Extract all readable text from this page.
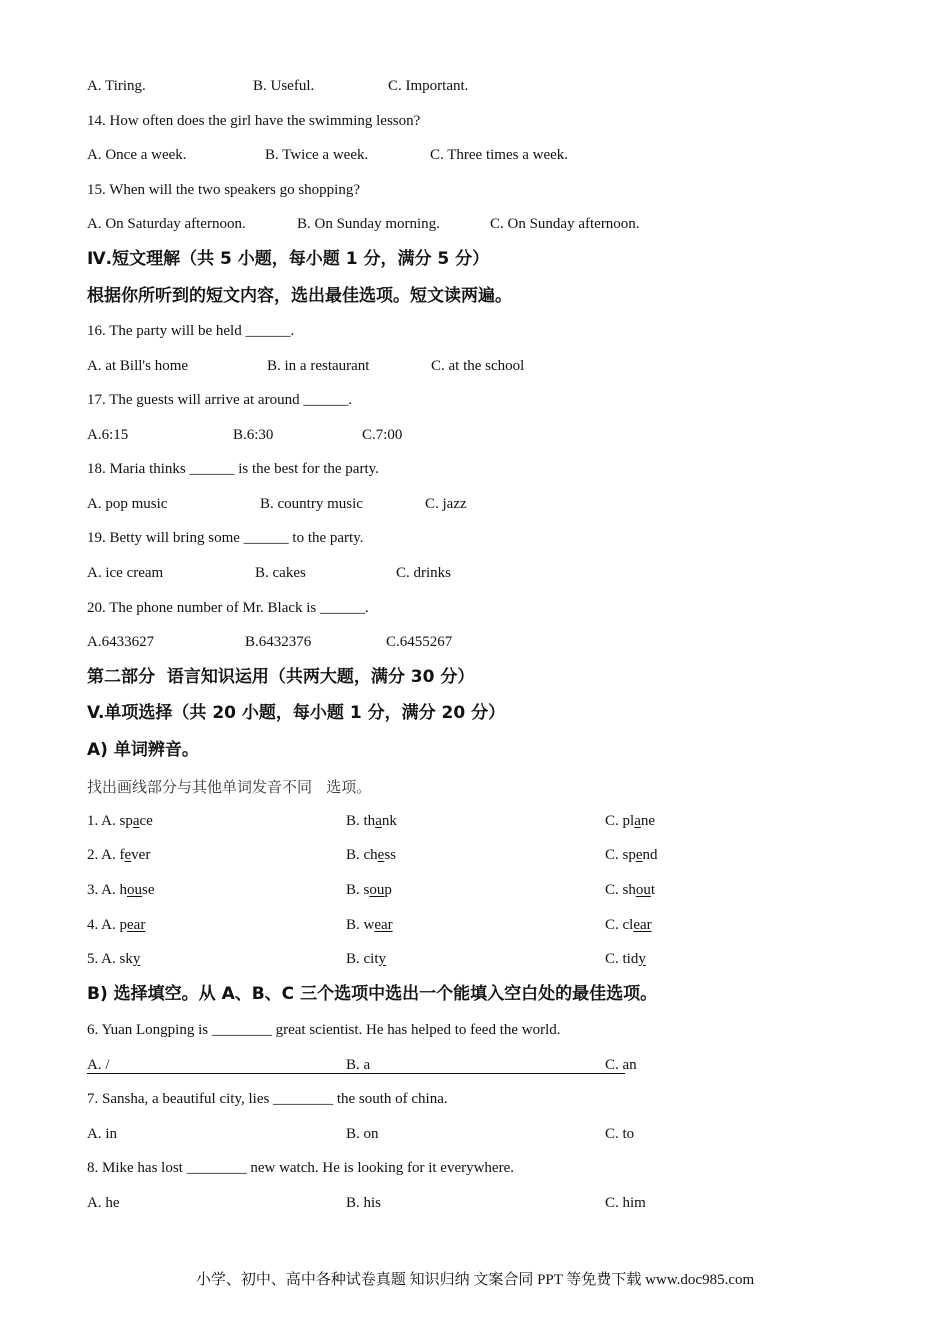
A. Tiring.	B. Useful.	C. Important.
14. How often does the girl have the swimming lesson?
A. Once a week.	B. Twice a week.	C. Three times a week.
15. When will the two speakers go shopping?
A. On Saturday afternoon.	B. On Sunday morning.	C. On Sunday afternoon.
Ⅳ.短文理解（共 5 小题，每小题 1 分，满分 5 分）
根据你所听到的短文内容，选出最佳选项。短文读两遍。
16. The party will be held ______.
A. at Bill's home	B. in a restaurant	C. at the school
17. The guests will arrive at around ______.
A.6:15	B.6:30	C.7:00
18. Maria thinks ______ is the best for the party.
A. pop music	B. country music	C. jazz
19. Betty will bring some ______ to the party.
A. ice cream	B. cakes	C. drinks
20. The phone number of Mr. Black is ______.
A.6433627	B.6432376	C.6455267
第二部分  语言知识运用（共两大题，满分 30 分）
V.单项选择（共 20 小题，每小题 1 分，满分 20 分）
A) 单词辨音。
找出画线部分与其他单词发音不同   选项。
1. A. space	B. thank	C. plane
2. A. fever	B. chess	C. spend
3. A. house	B. soup	C. shout
4. A. pear	B. wear	C. clear
5. A. sky	B. city	C. tidy
B) 选择填空。从 A、B、C 三个选项中选出一个能填入空白处的最佳选项。
6. Yuan Longping is ________ great scientist. He has helped to feed the world.
A. /	B. a	C. an
7. Sansha, a beautiful city, lies ________ the south of china.
A. in	B. on	C. to
8. Mike has lost ________ new watch. He is looking for it everywhere.
A. he	B. his	C. him
小学、初中、高中各种试卷真题 知识归纳 文案合同 PPT 等免费下载 www.doc985.com
